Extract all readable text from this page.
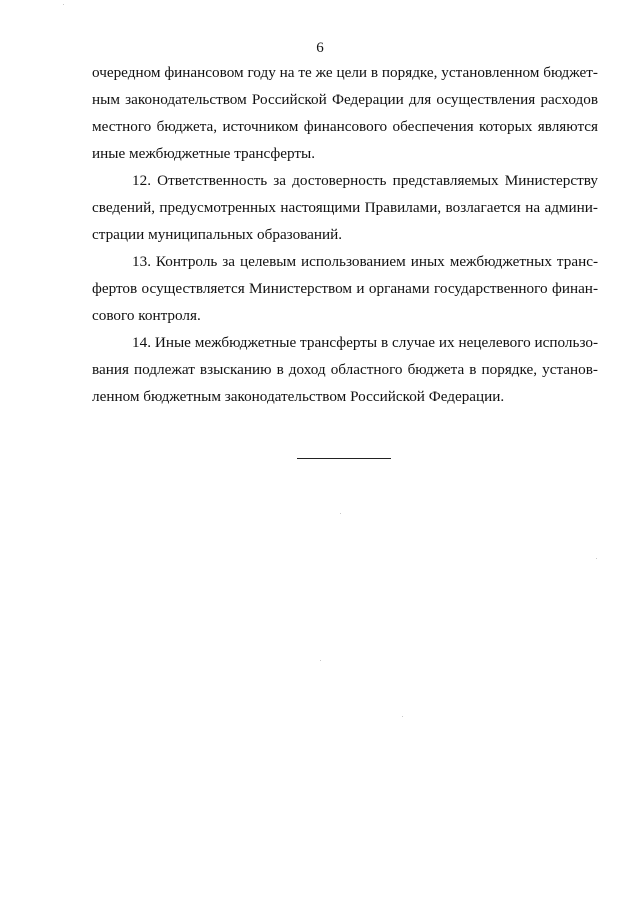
6
очередном финансовом году на те же цели в порядке, установленном бюджет-
ным законодательством Российской Федерации для осуществления расходов
местного бюджета, источником финансового обеспечения которых являются
иные межбюджетные трансферты.
12. Ответственность за достоверность представляемых Министерству
сведений, предусмотренных настоящими Правилами, возлагается на админи-
страции муниципальных образований.
13. Контроль за целевым использованием иных межбюджетных транс-
фертов осуществляется Министерством и органами государственного финан-
сового контроля.
14. Иные межбюджетные трансферты в случае их нецелевого использо-
вания подлежат взысканию в доход областного бюджета в порядке, установ-
ленном бюджетным законодательством Российской Федерации.
